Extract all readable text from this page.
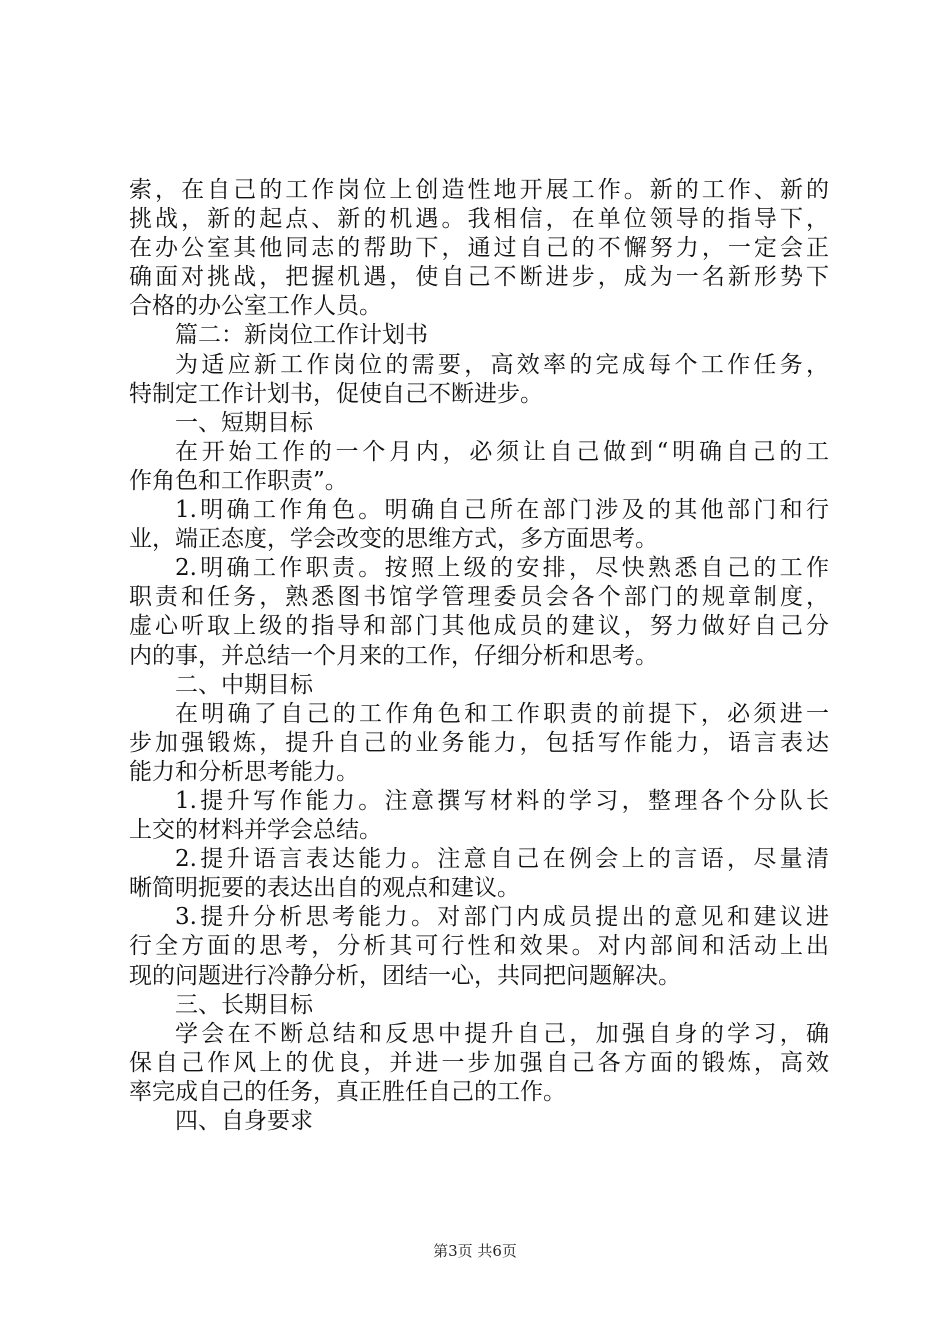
索，在自己的工作岗位上创造性地开展工作。新的工作、新的
挑战，新的起点、新的机遇。我相信，在单位领导的指导下，
在办公室其他同志的帮助下，通过自己的不懈努力，一定会正
确面对挑战，把握机遇，使自己不断进步，成为一名新形势下
合格的办公室工作人员。
篇二：新岗位工作计划书
为适应新工作岗位的需要，高效率的完成每个工作任务，
特制定工作计划书，促使自己不断进步。
一、短期目标
在开始工作的一个月内，必须让自己做到“明确自己的工
作角色和工作职责”。
1.明确工作角色。明确自己所在部门涉及的其他部门和行
业，端正态度，学会改变的思维方式，多方面思考。
2.明确工作职责。按照上级的安排，尽快熟悉自己的工作
职责和任务，熟悉图书馆学管理委员会各个部门的规章制度，
虚心听取上级的指导和部门其他成员的建议，努力做好自己分
内的事，并总结一个月来的工作，仔细分析和思考。
二、中期目标
在明确了自己的工作角色和工作职责的前提下，必须进一
步加强锻炼，提升自己的业务能力，包括写作能力，语言表达
能力和分析思考能力。
1.提升写作能力。注意撰写材料的学习，整理各个分队长
上交的材料并学会总结。
2.提升语言表达能力。注意自己在例会上的言语，尽量清
晰简明扼要的表达出自的观点和建议。
3.提升分析思考能力。对部门内成员提出的意见和建议进
行全方面的思考，分析其可行性和效果。对内部间和活动上出
现的问题进行冷静分析，团结一心，共同把问题解决。
三、长期目标
学会在不断总结和反思中提升自己，加强自身的学习，确
保自己作风上的优良，并进一步加强自己各方面的锻炼，高效
率完成自己的任务，真正胜任自己的工作。
四、自身要求
第3页 共6页
